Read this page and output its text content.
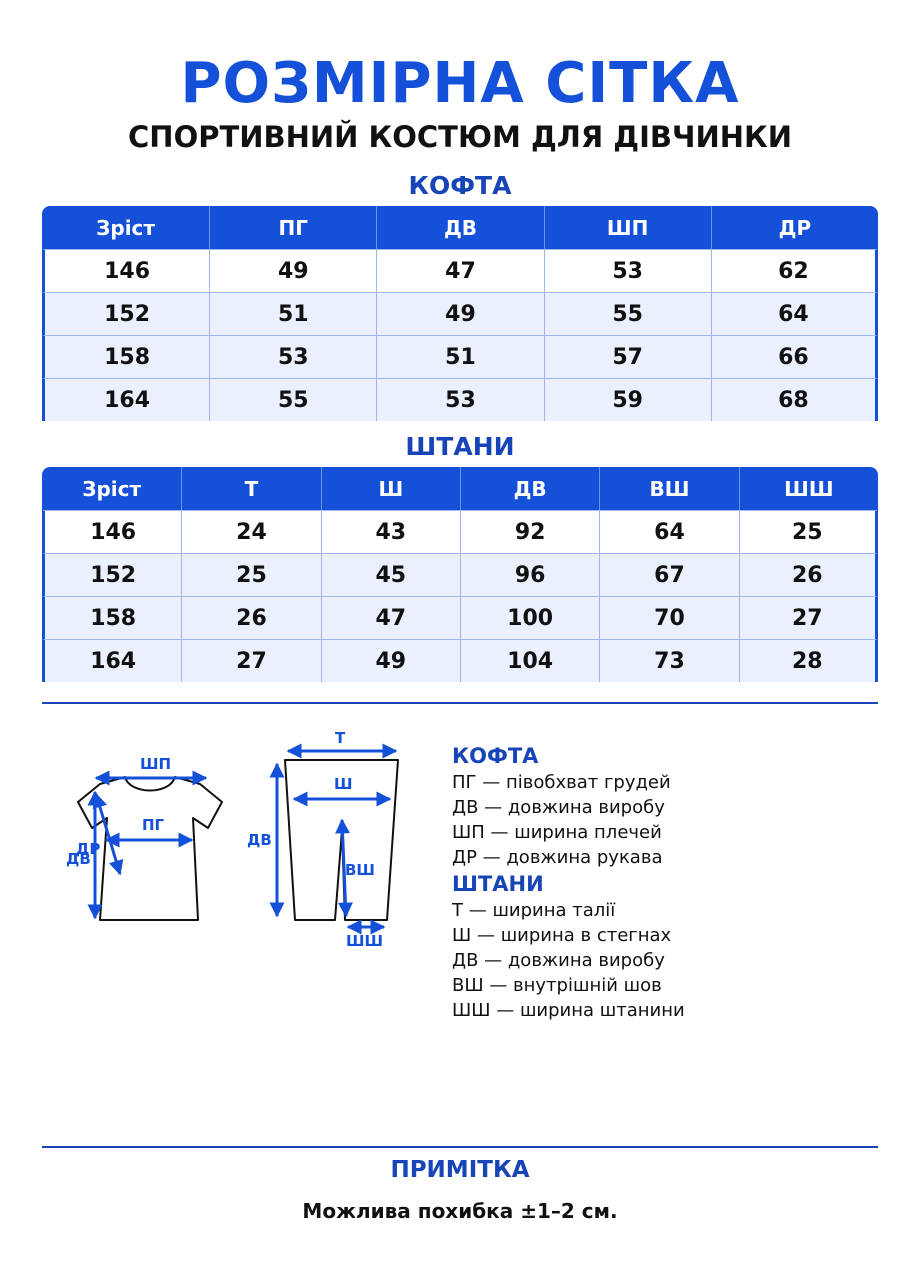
РОЗМІРНА СІТКА
СПОРТИВНИЙ КОСТЮМ ДЛЯ ДІВЧИНКИ
КОФТА
Зріст	ПГ	ДВ	ШП	ДР
146	49	47	53	62
152	51	49	55	64
158	53	51	57	66
164	55	53	59	68
ШТАНИ
Зріст	Т	Ш	ДВ	ВШ	ШШ
146	24	43	92	64	25
152	25	45	96	67	26
158	26	47	100	70	27
164	27	49	104	73	28
ШП
ПГ
ДР
ДВ
Т
Ш
ДВ
ВШ
ШШ
КОФТА
ПГ — півобхват грудей
ДВ — довжина виробу
ШП — ширина плечей
ДР — довжина рукава
ШТАНИ
Т — ширина талії
Ш — ширина в стегнах
ДВ — довжина виробу
ВШ — внутрішній шов
ШШ — ширина штанини
ПРИМІТКА
Можлива похибка ±1–2 см.
